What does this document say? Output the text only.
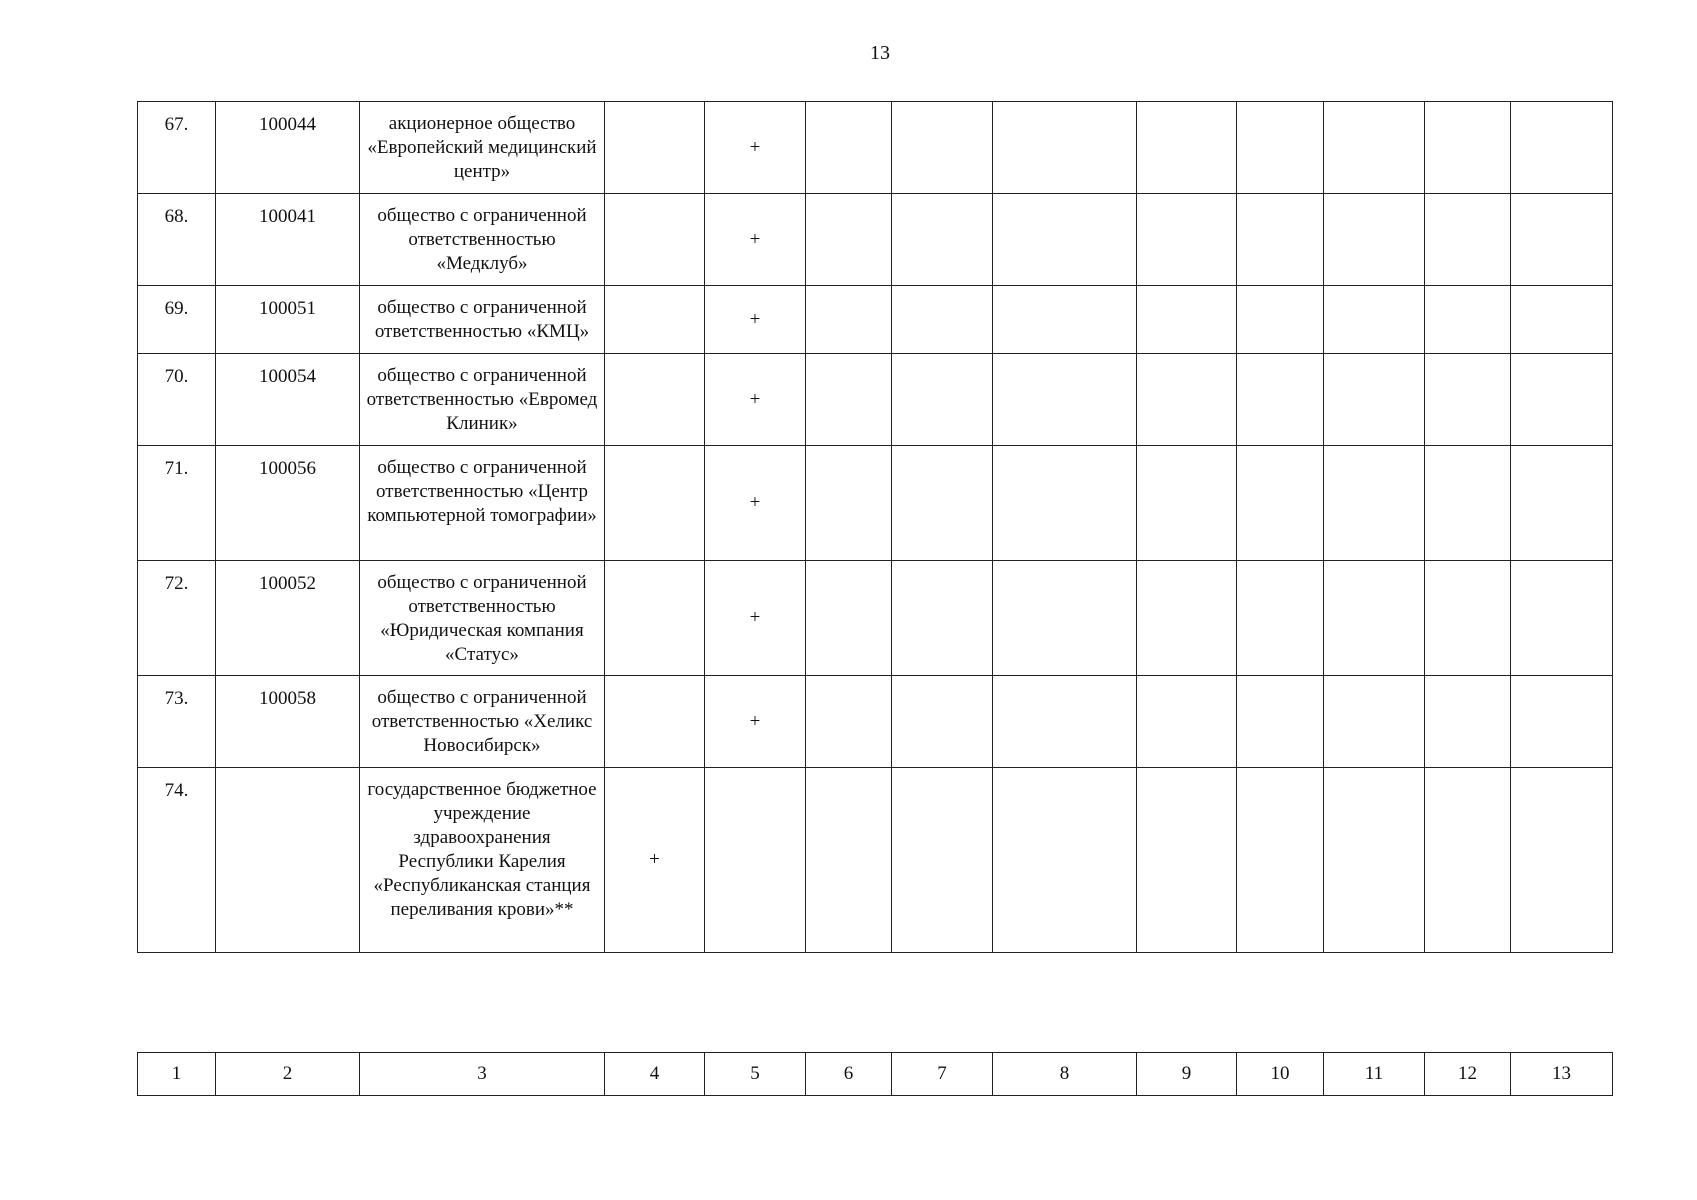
13
67.	100044	акционерное общество «Европейский медицинский центр»		+								
68.	100041	общество с ограниченной ответственностью «Медклуб»		+								
69.	100051	общество с ограниченной ответственностью «КМЦ»		+								
70.	100054	общество с ограниченной ответственностью «Евромед Клиник»		+								
71.	100056	общество с ограниченной ответственностью «Центр компьютерной томографии»		+								
72.	100052	общество с ограниченной ответственностью «Юридическая компания «Статус»		+								
73.	100058	общество с ограниченной ответственностью «Хеликс Новосибирск»		+								
74.		государственное бюджетное учреждение здравоохранения Республики Карелия «Республиканская станция переливания крови»**	+									
1	2	3	4	5	6	7	8	9	10	11	12	13
